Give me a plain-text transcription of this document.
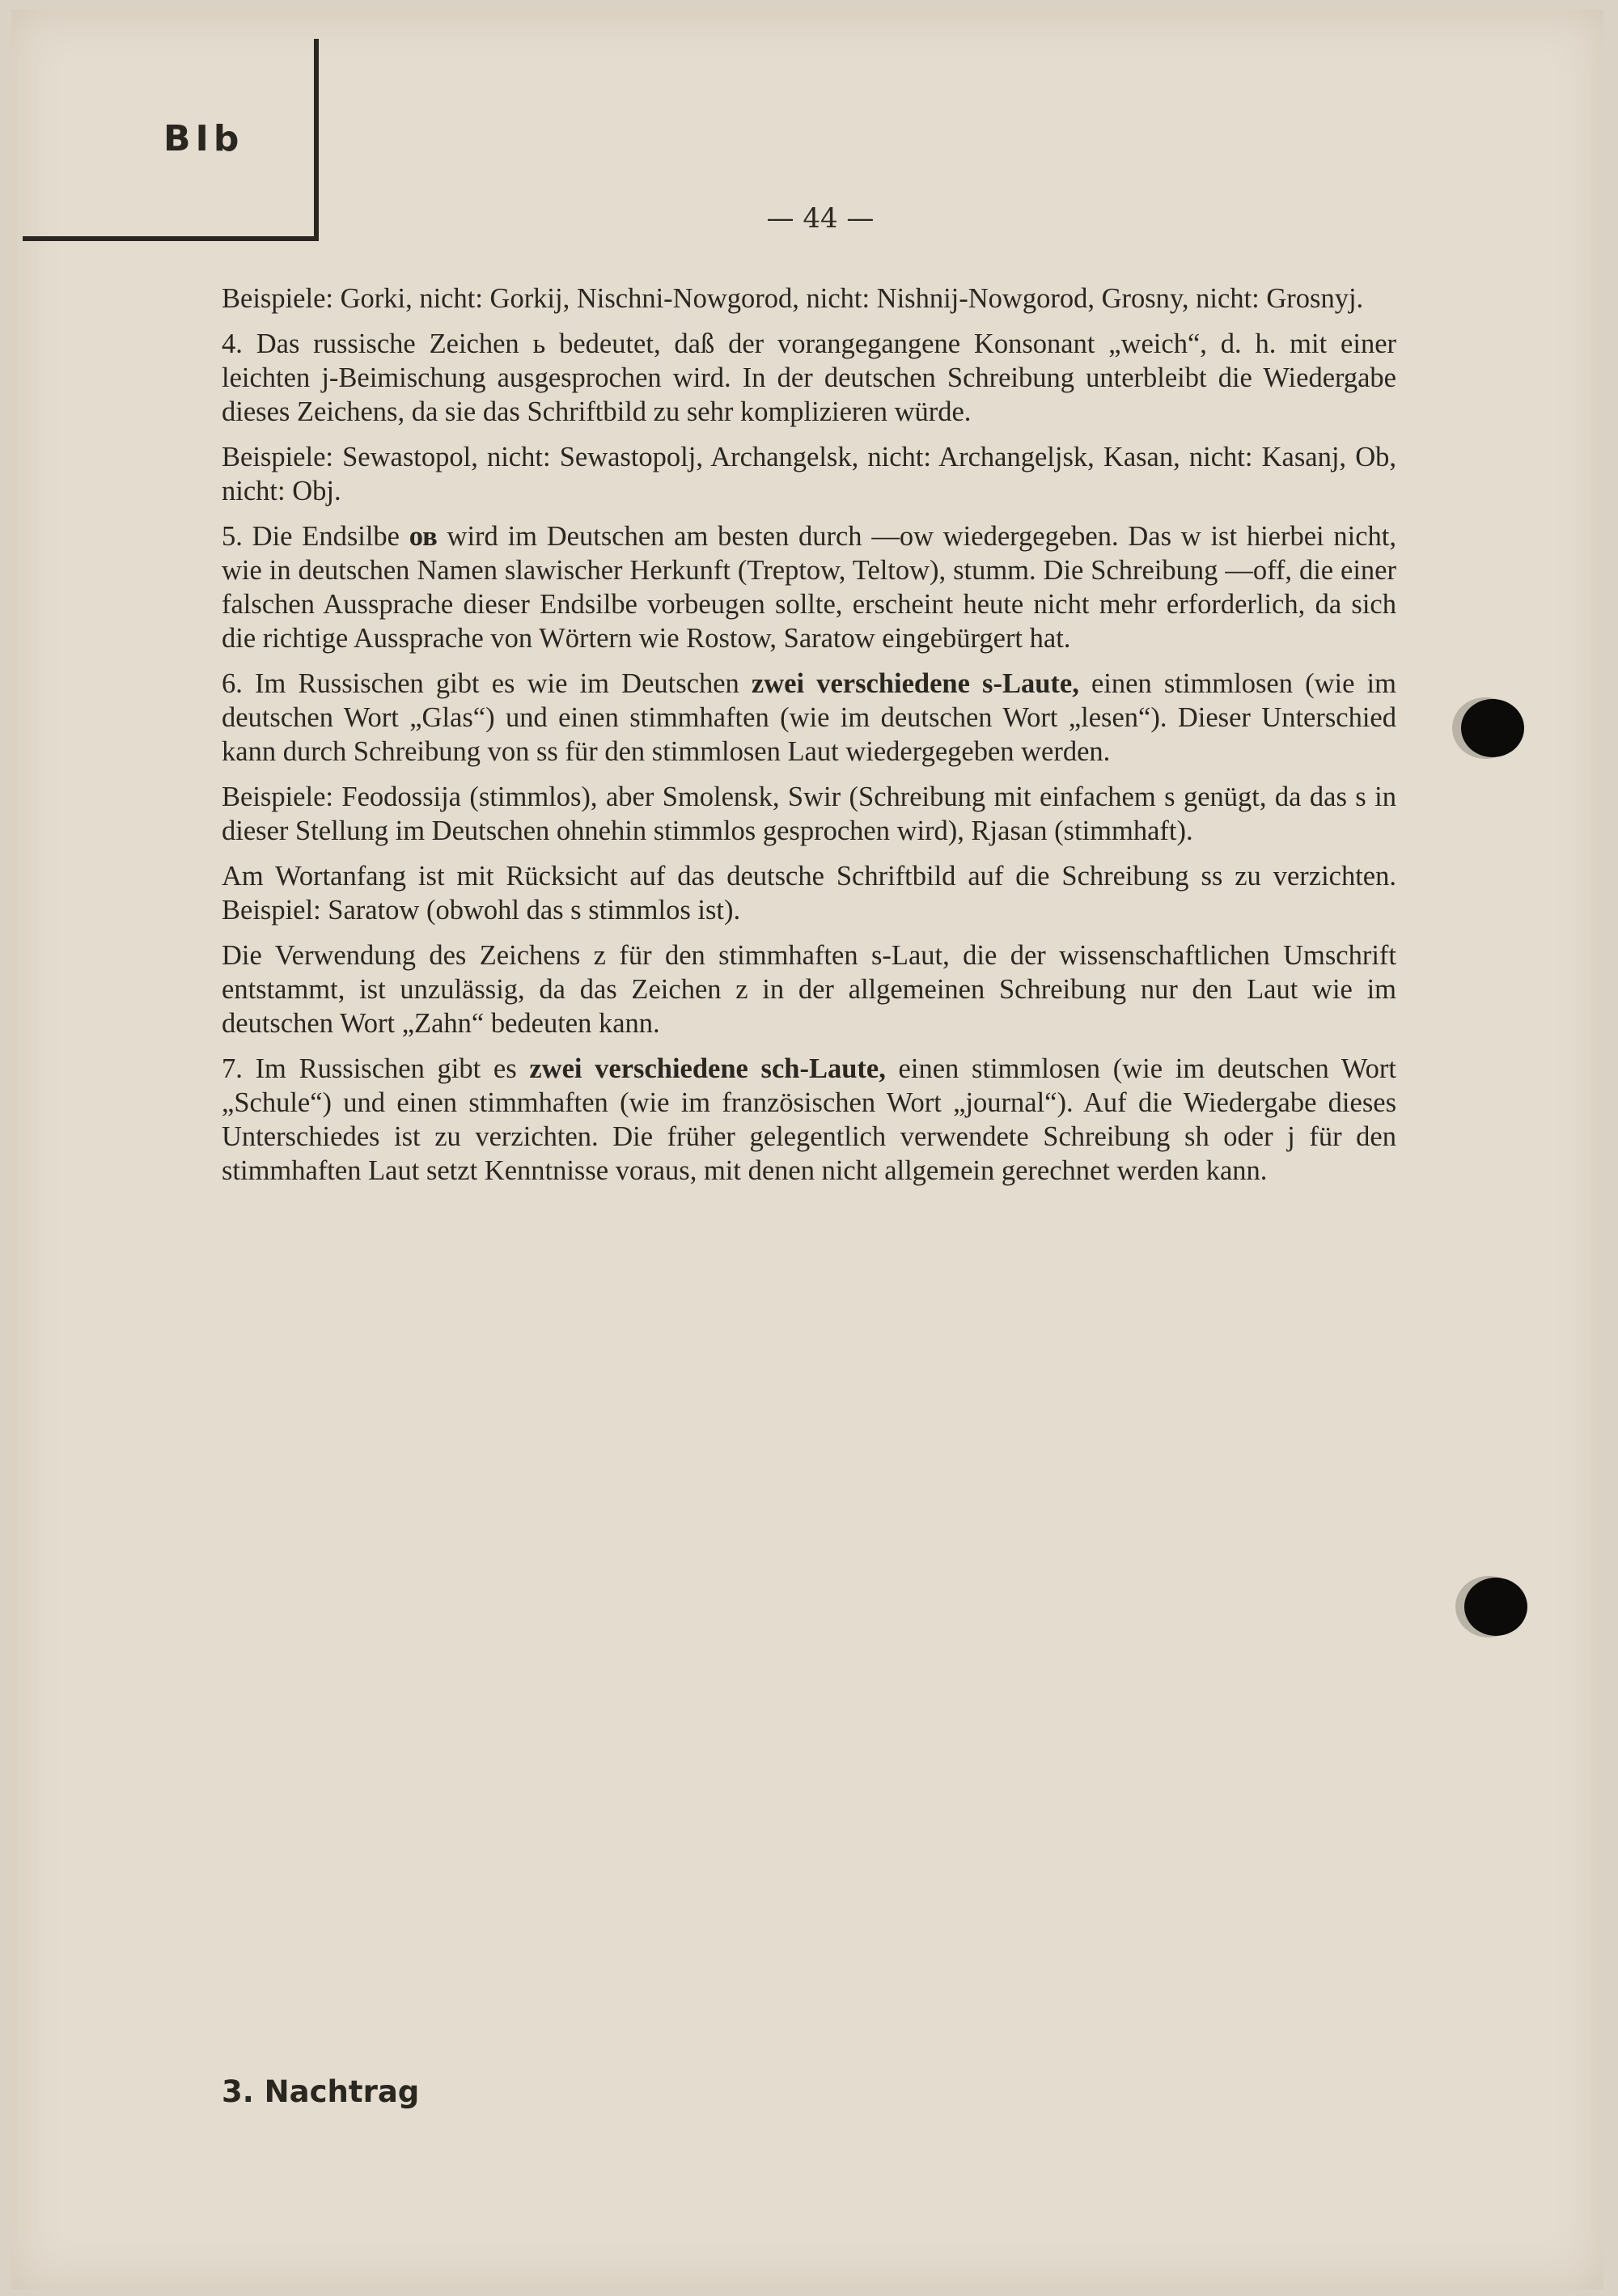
BIb
— 44 —

Beispiele: Gorki, nicht: Gorkij, Nischni-Nowgorod, nicht: Nishnij-Nowgorod, Grosny, nicht: Grosnyj.

4. Das russische Zeichen ь bedeutet, daß der vorangegangene Konsonant „weich“, d. h. mit einer leichten j-Beimischung ausgesprochen wird. In der deutschen Schreibung unterbleibt die Wiedergabe dieses Zeichens, da sie das Schriftbild zu sehr komplizieren würde.

Beispiele: Sewastopol, nicht: Sewastopolj, Archangelsk, nicht: Archangeljsk, Kasan, nicht: Kasanj, Ob, nicht: Obj.

5. Die Endsilbe ов wird im Deutschen am besten durch —ow wiedergegeben. Das w ist hierbei nicht, wie in deutschen Namen slawischer Herkunft (Treptow, Teltow), stumm. Die Schreibung —off, die einer falschen Aussprache dieser Endsilbe vorbeugen sollte, erscheint heute nicht mehr erforderlich, da sich die richtige Aussprache von Wörtern wie Rostow, Saratow eingebürgert hat.

6. Im Russischen gibt es wie im Deutschen zwei verschiedene s-Laute, einen stimmlosen (wie im deutschen Wort „Glas“) und einen stimmhaften (wie im deutschen Wort „lesen“). Dieser Unterschied kann durch Schreibung von ss für den stimmlosen Laut wiedergegeben werden.

Beispiele: Feodossija (stimmlos), aber Smolensk, Swir (Schreibung mit einfachem s genügt, da das s in dieser Stellung im Deutschen ohnehin stimmlos gesprochen wird), Rjasan (stimmhaft).

Am Wortanfang ist mit Rücksicht auf das deutsche Schriftbild auf die Schreibung ss zu verzichten. Beispiel: Saratow (obwohl das s stimmlos ist).

Die Verwendung des Zeichens z für den stimmhaften s-Laut, die der wissenschaftlichen Umschrift entstammt, ist unzulässig, da das Zeichen z in der allgemeinen Schreibung nur den Laut wie im deutschen Wort „Zahn“ bedeuten kann.

7. Im Russischen gibt es zwei verschiedene sch-Laute, einen stimmlosen (wie im deutschen Wort „Schule“) und einen stimmhaften (wie im französischen Wort „journal“). Auf die Wiedergabe dieses Unterschiedes ist zu verzichten. Die früher gelegentlich verwendete Schreibung sh oder j für den stimmhaften Laut setzt Kenntnisse voraus, mit denen nicht allgemein gerechnet werden kann.

3. Nachtrag
